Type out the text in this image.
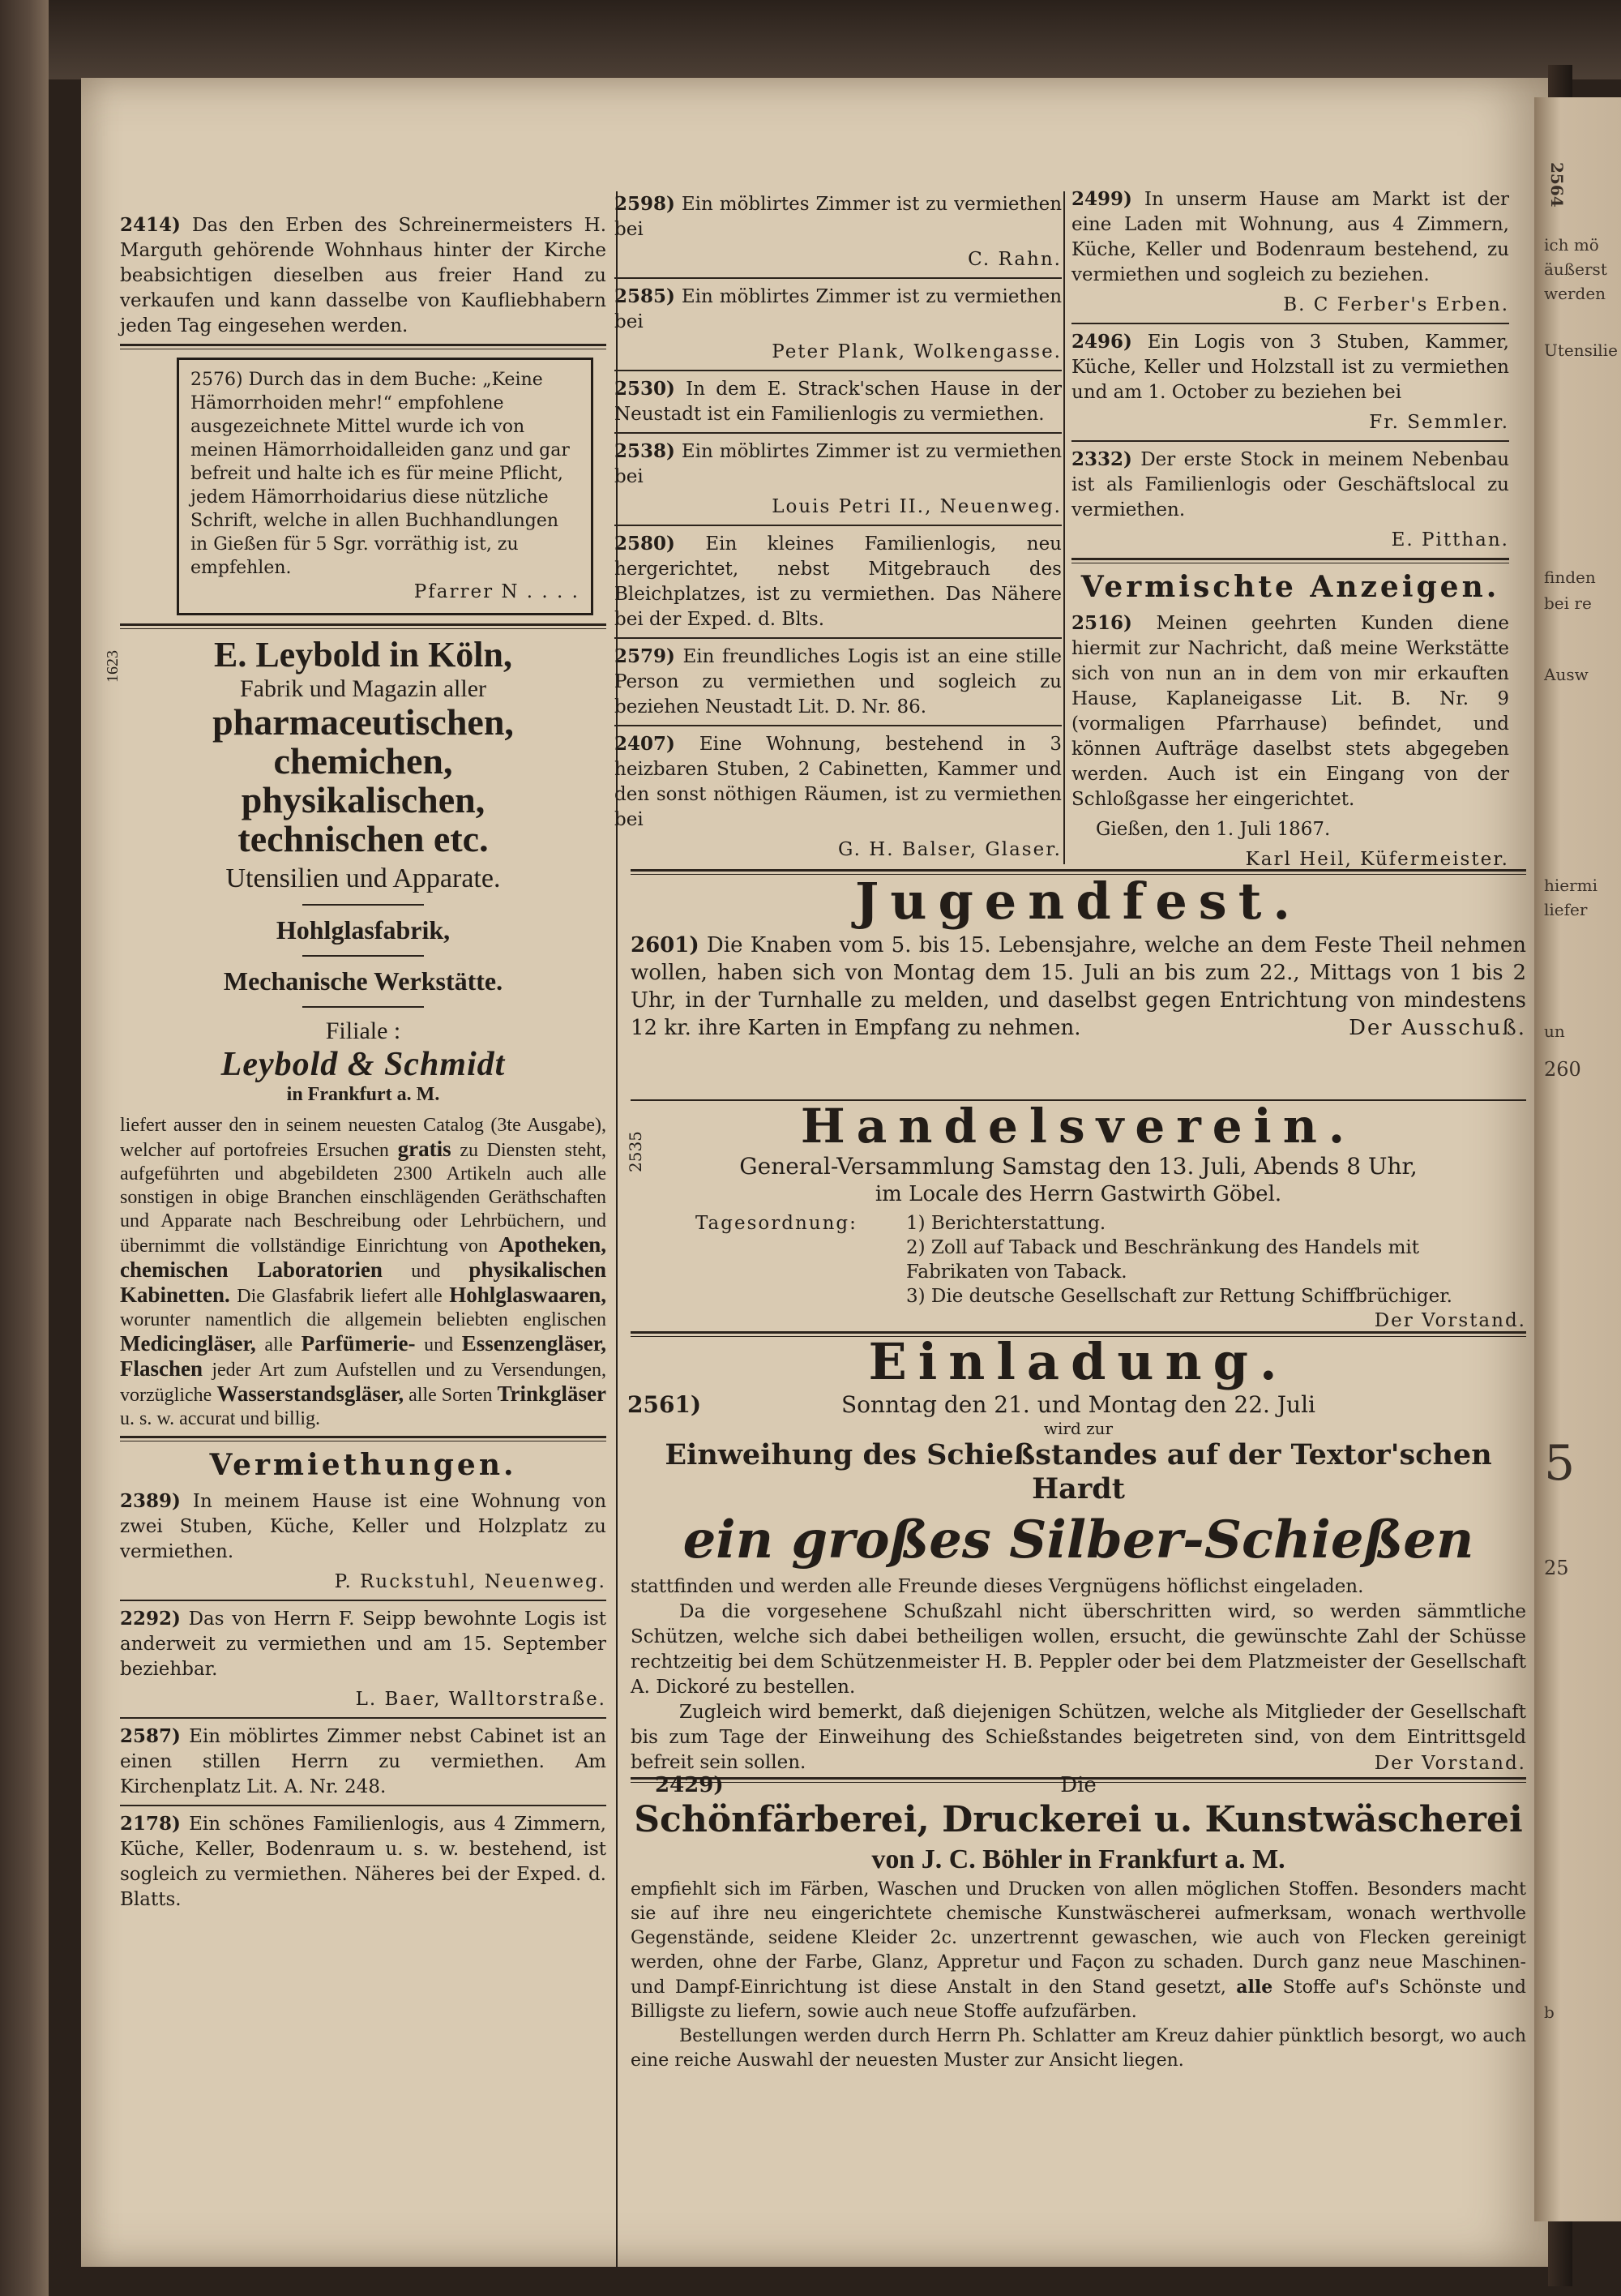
2414) Das den Erben des Schreinermeisters H. Marguth gehörende Wohnhaus hinter der Kirche beabsichtigen dieselben aus freier Hand zu verkaufen und kann dasselbe von Kaufliebhabern jeden Tag eingesehen werden.

2576) Durch das in dem Buche: „Keine Hämorrhoiden mehr!“ empfohlene ausgezeichnete Mittel wurde ich von meinen Hämorrhoidalleiden ganz und gar befreit und halte ich es für meine Pflicht, jedem Hämorrhoidarius diese nützliche Schrift, welche in allen Buchhandlungen in Gießen für 5 Sgr. vorräthig ist, zu empfehlen.
Pfarrer N . . . .
1623	E. Leybold in Köln,
Fabrik und Magazin aller
pharmaceutischen,
chemichen,
physikalischen,
technischen etc.
Utensilien und Apparate.
Hohlglasfabrik,
Mechanische Werkstätte.
Filiale :
Leybold & Schmidt
in Frankfurt a. M.
liefert ausser den in seinem neuesten Catalog (3te Ausgabe), welcher auf portofreies Ersuchen gratis zu Diensten steht, aufgeführten und abgebildeten 2300 Artikeln auch alle sonstigen in obige Branchen einschlägenden Geräthschaften und Apparate nach Beschreibung oder Lehrbüchern, und übernimmt die vollständige Einrichtung von Apotheken, chemischen Laboratorien und physikalischen Kabinetten. Die Glasfabrik liefert alle Hohlglaswaaren, worunter namentlich die allgemein beliebten englischen Medicingläser, alle Parfümerie- und Essenzengläser, Flaschen jeder Art zum Aufstellen und zu Versendungen, vorzügliche Wasserstandsgläser, alle Sorten Trinkgläser u. s. w. accurat und billig.
Vermiethungen.

2389) In meinem Hause ist eine Wohnung von zwei Stuben, Küche, Keller und Holzplatz zu vermiethen.

P. Ruckstuhl, Neuenweg.

2292) Das von Herrn F. Seipp bewohnte Logis ist anderweit zu vermiethen und am 15. September beziehbar.

L. Baer, Walltorstraße.

2587) Ein möblirtes Zimmer nebst Cabinet ist an einen stillen Herrn zu vermiethen. Am Kirchenplatz Lit. A. Nr. 248.

2178) Ein schönes Familienlogis, aus 4 Zimmern, Küche, Keller, Bodenraum u. s. w. bestehend, ist sogleich zu vermiethen. Näheres bei der Exped. d. Blatts.

2598) Ein möblirtes Zimmer ist zu vermiethen bei

C. Rahn.

2585) Ein möblirtes Zimmer ist zu vermiethen bei

Peter Plank, Wolkengasse.

2530) In dem E. Strack'schen Hause in der Neustadt ist ein Familienlogis zu vermiethen.

2538) Ein möblirtes Zimmer ist zu vermiethen bei

Louis Petri II., Neuenweg.

2580) Ein kleines Familienlogis, neu hergerichtet, nebst Mitgebrauch des Bleichplatzes, ist zu vermiethen. Das Nähere bei der Exped. d. Blts.

2579) Ein freundliches Logis ist an eine stille Person zu vermiethen und sogleich zu beziehen Neustadt Lit. D. Nr. 86.

2407) Eine Wohnung, bestehend in 3 heizbaren Stuben, 2 Cabinetten, Kammer und den sonst nöthigen Räumen, ist zu vermiethen bei

G. H. Balser, Glaser.

2499) In unserm Hause am Markt ist der eine Laden mit Wohnung, aus 4 Zimmern, Küche, Keller und Bodenraum bestehend, zu vermiethen und sogleich zu beziehen.

B. C Ferber's Erben.

2496) Ein Logis von 3 Stuben, Kammer, Küche, Keller und Holzstall ist zu vermiethen und am 1. October zu beziehen bei

Fr. Semmler.

2332) Der erste Stock in meinem Nebenbau ist als Familienlogis oder Geschäftslocal zu vermiethen.

E. Pitthan.
Vermischte Anzeigen.

2516) Meinen geehrten Kunden diene hiermit zur Nachricht, daß meine Werkstätte sich von nun an in dem von mir erkauften Hause, Kaplaneigasse Lit. B. Nr. 9 (vormaligen Pfarrhause) befindet, und können Aufträge daselbst stets abgegeben werden. Auch ist ein Eingang von der Schloßgasse her eingerichtet.

Gießen, den 1. Juli 1867.
Karl Heil, Küfermeister.
Jugendfest.

2601) Die Knaben vom 5. bis 15. Lebensjahre, welche an dem Feste Theil nehmen wollen, haben sich von Montag dem 15. Juli an bis zum 22., Mittags von 1 bis 2 Uhr, in der Turnhalle zu melden, und daselbst gegen Entrichtung von mindestens 12 kr. ihre Karten in Empfang zu nehmen.	Der Ausschuß.
2535	Handelsverein.
General-Versammlung Samstag den 13. Juli, Abends 8 Uhr,
im Locale des Herrn Gastwirth Göbel.
Tagesordnung:	1) Berichterstattung.
2) Zoll auf Taback und Beschränkung des Handels mit Fabrikaten von Taback.
3) Die deutsche Gesellschaft zur Rettung Schiffbrüchiger.
Der Vorstand.
Einladung.
2561)	Sonntag den 21. und Montag den 22. Juli
wird zur
Einweihung des Schießstandes auf der Textor'schen Hardt
ein großes Silber-Schießen

stattfinden und werden alle Freunde dieses Vergnügens höflichst eingeladen.

Da die vorgesehene Schußzahl nicht überschritten wird, so werden sämmtliche Schützen, welche sich dabei betheiligen wollen, ersucht, die gewünschte Zahl der Schüsse rechtzeitig bei dem Schützenmeister H. B. Peppler oder bei dem Platzmeister der Gesellschaft A. Dickoré zu bestellen.

Zugleich wird bemerkt, daß diejenigen Schützen, welche als Mitglieder der Gesellschaft bis zum Tage der Einweihung des Schießstandes beigetreten sind, von dem Eintrittsgeld befreit sein sollen.	Der Vorstand.
2429)	Die
Schönfärberei, Druckerei u. Kunstwäscherei
von J. C. Böhler in Frankfurt a. M.

empfiehlt sich im Färben, Waschen und Drucken von allen möglichen Stoffen. Besonders macht sie auf ihre neu eingerichtete chemische Kunstwäscherei aufmerksam, wonach werthvolle Gegenstände, seidene Kleider 2c. unzertrennt gewaschen, wie auch von Flecken gereinigt werden, ohne der Farbe, Glanz, Appretur und Façon zu schaden. Durch ganz neue Maschinen- und Dampf-Einrichtung ist diese Anstalt in den Stand gesetzt, alle Stoffe auf's Schönste und Billigste zu liefern, sowie auch neue Stoffe aufzufärben.

Bestellungen werden durch Herrn Ph. Schlatter am Kreuz dahier pünktlich besorgt, wo auch eine reiche Auswahl der neuesten Muster zur Ansicht liegen.

2564
ich mö
äußerst
werden
Utensilie
finden
bei re
Ausw
hiermi
liefer
un
260
5
25
b
